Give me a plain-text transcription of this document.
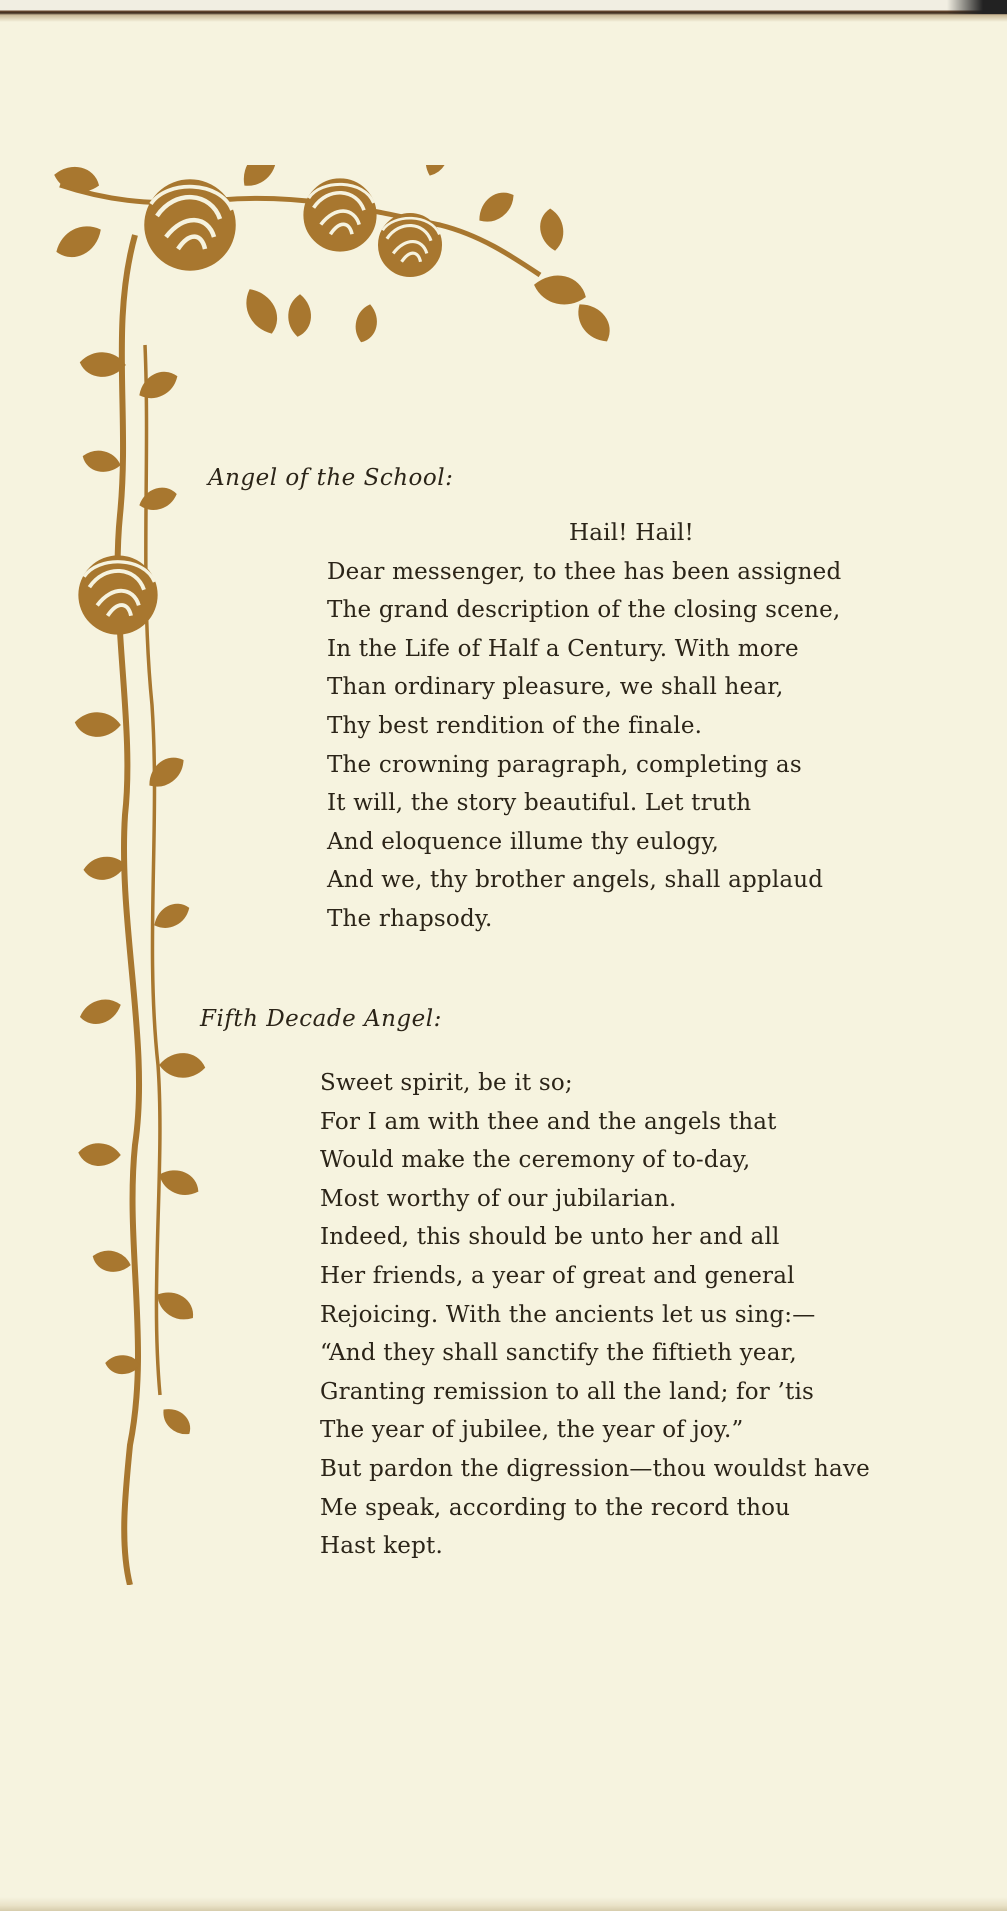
Angel of the School:

Hail! Hail!
Dear messenger, to thee has been assigned
The grand description of the closing scene,
In the Life of Half a Century. With more
Than ordinary pleasure, we shall hear,
Thy best rendition of the finale.
The crowning paragraph, completing as
It will, the story beautiful. Let truth
And eloquence illume thy eulogy,
And we, thy brother angels, shall applaud
The rhapsody.

Fifth Decade Angel:

Sweet spirit, be it so;
For I am with thee and the angels that
Would make the ceremony of to-day,
Most worthy of our jubilarian.
Indeed, this should be unto her and all
Her friends, a year of great and general
Rejoicing. With the ancients let us sing:—
“And they shall sanctify the fiftieth year,
Granting remission to all the land; for ’tis
The year of jubilee, the year of joy.”
But pardon the digression—thou wouldst have
Me speak, according to the record thou
Hast kept.
